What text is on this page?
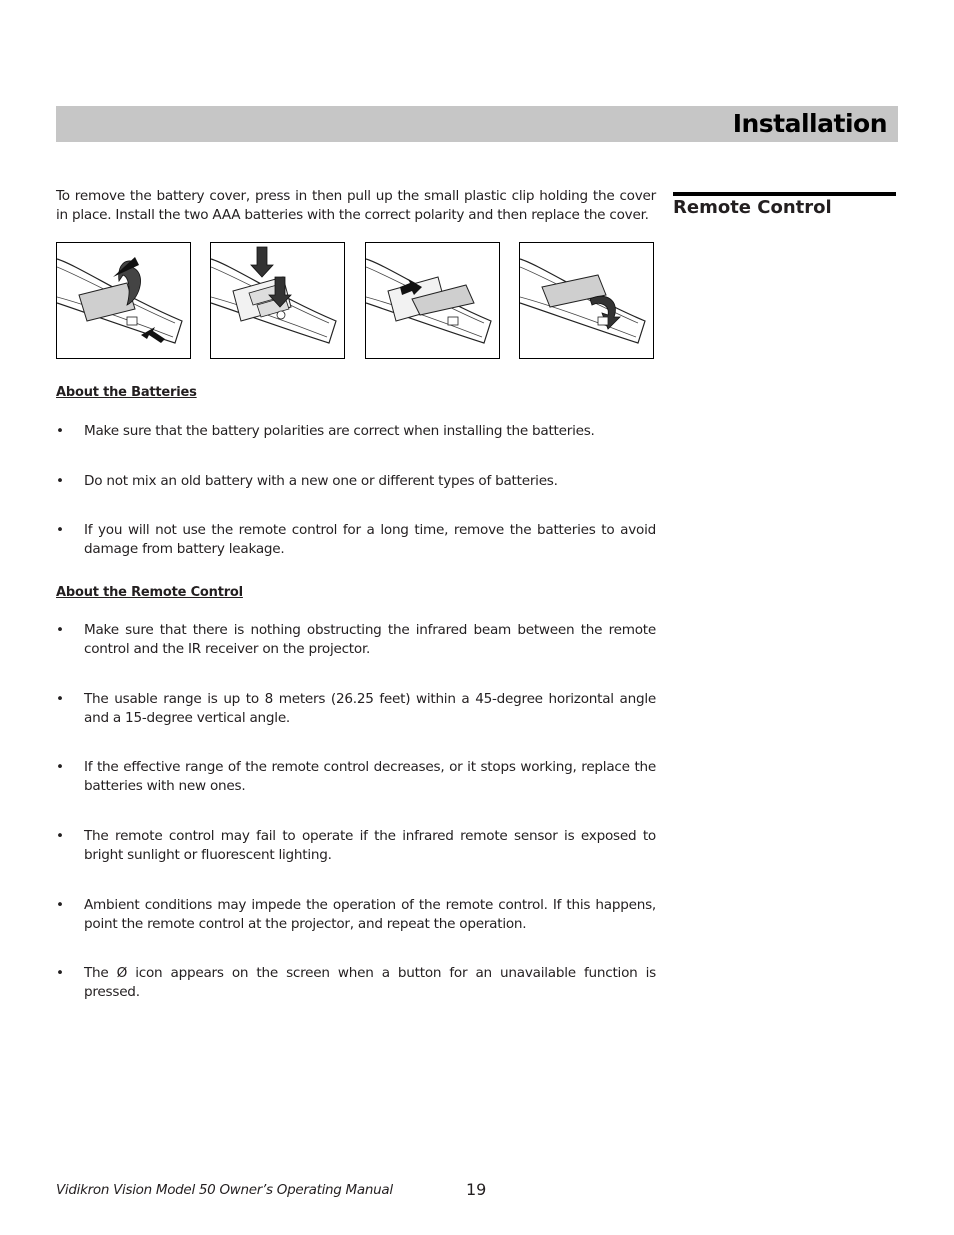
Installation
Remote Control
To remove the battery cover, press in then pull up the small plastic clip holding the cover in place. Install the two AAA batteries with the correct polarity and then replace the cover.
About the Batteries
• Make sure that the battery polarities are correct when installing the batteries.
• Do not mix an old battery with a new one or different types of batteries.
• If you will not use the remote control for a long time, remove the batteries to avoid damage from battery leakage.
About the Remote Control
• Make sure that there is nothing obstructing the infrared beam between the remote control and the IR receiver on the projector.
• The usable range is up to 8 meters (26.25 feet) within a 45-degree horizontal angle and a 15-degree vertical angle.
• If the effective range of the remote control decreases, or it stops working, replace the batteries with new ones.
• The remote control may fail to operate if the infrared remote sensor is exposed to bright sunlight or fluorescent lighting.
• Ambient conditions may impede the operation of the remote control. If this happens, point the remote control at the projector, and repeat the operation.
• The Ø icon appears on the screen when a button for an unavailable function is pressed.
Vidikron Vision Model 50 Owner’s Operating Manual	19
